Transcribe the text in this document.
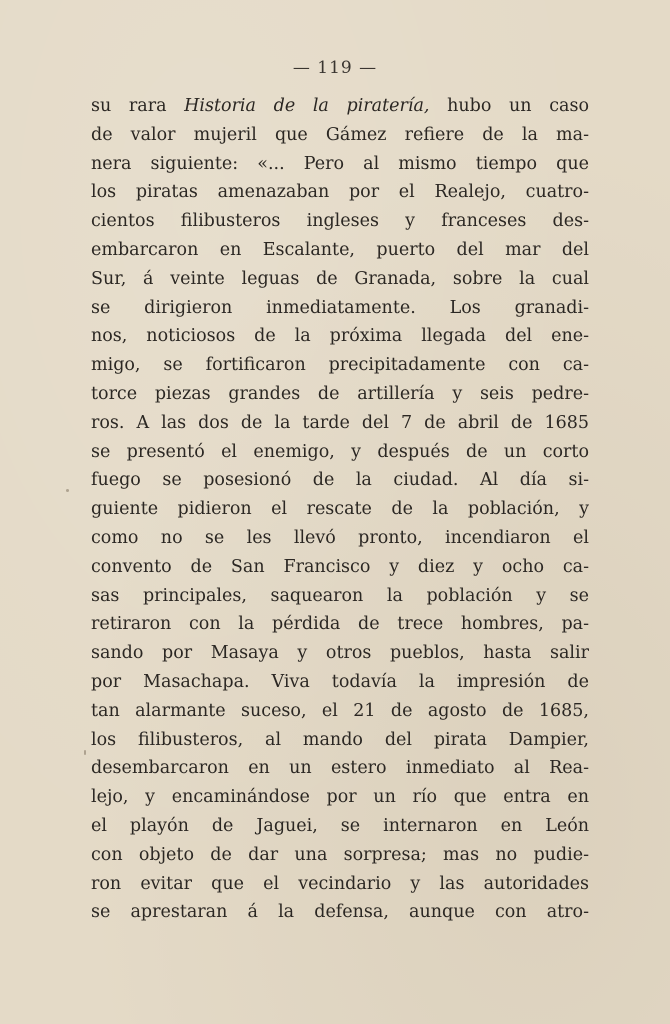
— 119 —
su rara Historia de la piratería, hubo un caso
de valor mujeril que Gámez refiere de la ma-
nera siguiente: «... Pero al mismo tiempo que
los piratas amenazaban por el Realejo, cuatro-
cientos filibusteros ingleses y franceses des-
embarcaron en Escalante, puerto del mar del
Sur, á veinte leguas de Granada, sobre la cual
se dirigieron inmediatamente. Los granadi-
nos, noticiosos de la próxima llegada del ene-
migo, se fortificaron precipitadamente con ca-
torce piezas grandes de artillería y seis pedre-
ros. A las dos de la tarde del 7 de abril de 1685
se presentó el enemigo, y después de un corto
fuego se posesionó de la ciudad. Al día si-
guiente pidieron el rescate de la población, y
como no se les llevó pronto, incendiaron el
convento de San Francisco y diez y ocho ca-
sas principales, saquearon la población y se
retiraron con la pérdida de trece hombres, pa-
sando por Masaya y otros pueblos, hasta salir
por Masachapa. Viva todavía la impresión de
tan alarmante suceso, el 21 de agosto de 1685,
los filibusteros, al mando del pirata Dampier,
desembarcaron en un estero inmediato al Rea-
lejo, y encaminándose por un río que entra en
el playón de Jaguei, se internaron en León
con objeto de dar una sorpresa; mas no pudie-
ron evitar que el vecindario y las autoridades
se aprestaran á la defensa, aunque con atro-
